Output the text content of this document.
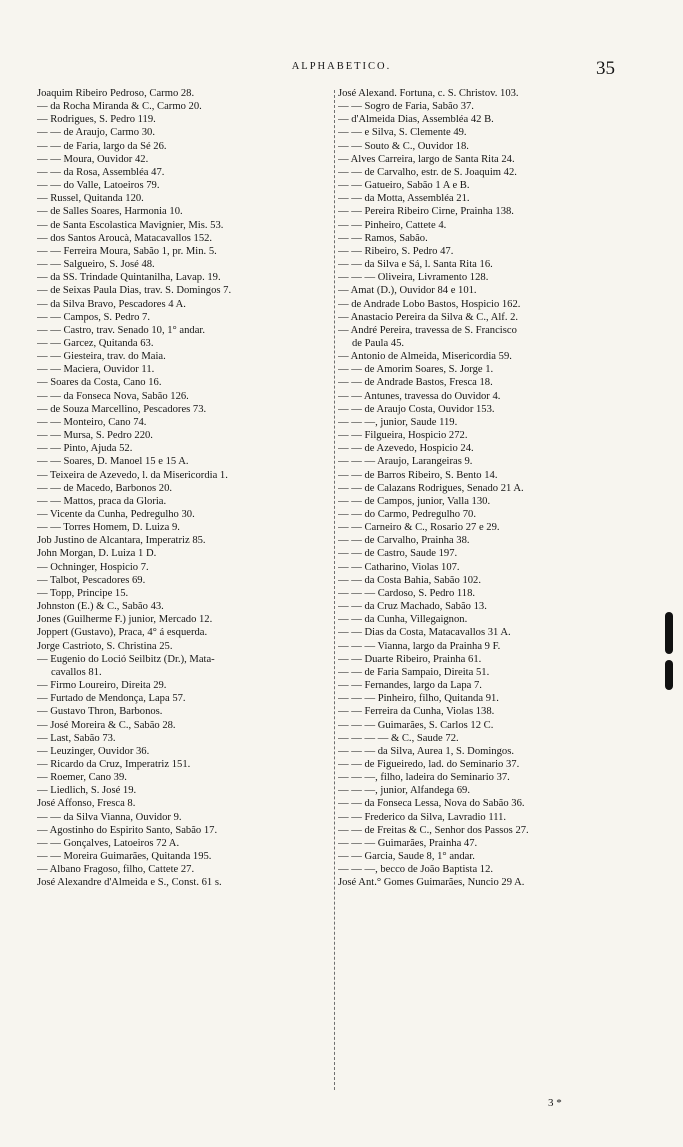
ALPHABETICO.	35
Joaquim Ribeiro Pedroso, Carmo 28.
— da Rocha Miranda & C., Carmo 20.
— Rodrigues, S. Pedro 119.
— — de Araujo, Carmo 30.
— — de Faria, largo da Sé 26.
— — Moura, Ouvidor 42.
— — da Rosa, Assembléa 47.
— — do Valle, Latoeiros 79.
— Russel, Quitanda 120.
— de Salles Soares, Harmonia 10.
— de Santa Escolastica Mavignier, Mis. 53.
— dos Santos Aroucà, Matacavallos 152.
— — Ferreira Moura, Sabão 1, pr. Min. 5.
— — Salgueiro, S. José 48.
— da SS. Trindade Quintanilha, Lavap. 19.
— de Seixas Paula Dias, trav. S. Domingos 7.
— da Silva Bravo, Pescadores 4 A.
— — Campos, S. Pedro 7.
— — Castro, trav. Senado 10, 1° andar.
— — Garcez, Quitanda 63.
— — Giesteira, trav. do Maia.
— — Maciera, Ouvidor 11.
— Soares da Costa, Cano 16.
— — da Fonseca Nova, Sabão 126.
— de Souza Marcellino, Pescadores 73.
— — Monteiro, Cano 74.
— — Mursa, S. Pedro 220.
— — Pinto, Ajuda 52.
— — Soares, D. Manoel 15 e 15 A.
— Teixeira de Azevedo, l. da Misericordia 1.
— — de Macedo, Barbonos 20.
— — Mattos, praca da Gloria.
— Vicente da Cunha, Pedregulho 30.
— — Torres Homem, D. Luiza 9.
Job Justino de Alcantara, Imperatriz 85.
John Morgan, D. Luiza 1 D.
— Ochninger, Hospicio 7.
— Talbot, Pescadores 69.
— Topp, Principe 15.
Johnston (E.) & C., Sabão 43.
Jones (Guilherme F.) junior, Mercado 12.
Joppert (Gustavo), Praca, 4° á esquerda.
Jorge Castrioto, S. Christina 25.
— Eugenio do Loció Seilbitz (Dr.), Mata-
cavallos 81.
— Firmo Loureiro, Direita 29.
— Furtado de Mendonça, Lapa 57.
— Gustavo Thron, Barbonos.
— José Moreira & C., Sabão 28.
— Last, Sabão 73.
— Leuzinger, Ouvidor 36.
— Ricardo da Cruz, Imperatriz 151.
— Roemer, Cano 39.
— Liedlich, S. José 19.
José Affonso, Fresca 8.
— — da Silva Vianna, Ouvidor 9.
— Agostinho do Espirito Santo, Sabão 17.
— — Gonçalves, Latoeiros 72 A.
— — Moreira Guimarães, Quitanda 195.
— Albano Fragoso, filho, Cattete 27.
José Alexandre d'Almeida e S., Const. 61 s.
José Alexand. Fortuna, c. S. Christov. 103.
— — Sogro de Faria, Sabão 37.
— d'Almeida Dias, Assembléa 42 B.
— — e Silva, S. Clemente 49.
— — Souto & C., Ouvidor 18.
— Alves Carreira, largo de Santa Rita 24.
— — de Carvalho, estr. de S. Joaquim 42.
— — Gatueiro, Sabão 1 A e B.
— — da Motta, Assembléa 21.
— — Pereira Ribeiro Cirne, Prainha 138.
— — Pinheiro, Cattete 4.
— — Ramos, Sabão.
— — Ribeiro, S. Pedro 47.
— — da Silva e Sá, l. Santa Rita 16.
— — — Oliveira, Livramento 128.
— Amat (D.), Ouvidor 84 e 101.
— de Andrade Lobo Bastos, Hospicio 162.
— Anastacio Pereira da Silva & C., Alf. 2.
— André Pereira, travessa de S. Francisco
de Paula 45.
— Antonio de Almeida, Misericordia 59.
— — de Amorim Soares, S. Jorge 1.
— — de Andrade Bastos, Fresca 18.
— — Antunes, travessa do Ouvidor 4.
— — de Araujo Costa, Ouvidor 153.
— — —, junior, Saude 119.
— — Filgueira, Hospicio 272.
— — de Azevedo, Hospicio 24.
— — — Araujo, Larangeiras 9.
— — de Barros Ribeiro, S. Bento 14.
— — de Calazans Rodrigues, Senado 21 A.
— — de Campos, junior, Valla 130.
— — do Carmo, Pedregulho 70.
— — Carneiro & C., Rosario 27 e 29.
— — de Carvalho, Prainha 38.
— — de Castro, Saude 197.
— — Catharino, Violas 107.
— — da Costa Bahia, Sabão 102.
— — — Cardoso, S. Pedro 118.
— — da Cruz Machado, Sabão 13.
— — da Cunha, Villegaignon.
— — Dias da Costa, Matacavallos 31 A.
— — — Vianna, largo da Prainha 9 F.
— — Duarte Ribeiro, Prainha 61.
— — de Faria Sampaio, Direita 51.
— — Fernandes, largo da Lapa 7.
— — — Pinheiro, filho, Quitanda 91.
— — Ferreira da Cunha, Violas 138.
— — — Guimarães, S. Carlos 12 C.
— — — — & C., Saude 72.
— — — da Silva, Aurea 1, S. Domingos.
— — de Figueiredo, lad. do Seminario 37.
— — —, filho, ladeira do Seminario 37.
— — —, junior, Alfandega 69.
— — da Fonseca Lessa, Nova do Sabão 36.
— — Frederico da Silva, Lavradio 111.
— — de Freitas & C., Senhor dos Passos 27.
— — — Guimarães, Prainha 47.
— — Garcia, Saude 8, 1° andar.
— — —, becco de João Baptista 12.
José Ant.° Gomes Guimarães, Nuncio 29 A.
3 *
